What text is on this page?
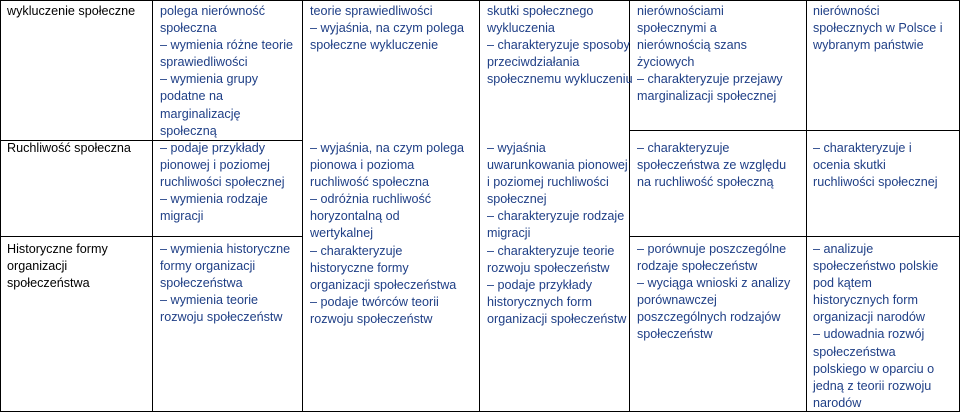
wykluczenie społeczne
Ruchliwość społeczna
Historyczne formy
organizacji
społeczeństwa
polega nierówność
społeczna
– wymienia różne teorie
sprawiedliwości
– wymienia grupy
podatne na
marginalizację
społeczną
– podaje przykłady
pionowej i poziomej
ruchliwości społecznej
– wymienia rodzaje
migracji
– wymienia historyczne
formy organizacji
społeczeństwa
– wymienia teorie
rozwoju społeczeństw
teorie sprawiedliwości
– wyjaśnia, na czym polega
społeczne wykluczenie
– wyjaśnia, na czym polega
pionowa i pozioma
ruchliwość społeczna
– odróżnia ruchliwość
horyzontalną od
wertykalnej
– charakteryzuje
historyczne formy
organizacji społeczeństwa
– podaje twórców teorii
rozwoju społeczeństw
skutki społecznego
wykluczenia
– charakteryzuje sposoby
przeciwdziałania
społecznemu wykluczeniu
– wyjaśnia
uwarunkowania pionowej
i poziomej ruchliwości
społecznej
– charakteryzuje rodzaje
migracji
– charakteryzuje teorie
rozwoju społeczeństw
– podaje przykłady
historycznych form
organizacji społeczeństw
nierównościami
społecznymi a
nierównością szans
życiowych
– charakteryzuje przejawy
marginalizacji społecznej
– charakteryzuje
społeczeństwa ze względu
na ruchliwość społeczną
– porównuje poszczególne
rodzaje społeczeństw
– wyciąga wnioski z analizy
porównawczej
poszczególnych rodzajów
społeczeństw
nierówności
społecznych w Polsce i
wybranym państwie
– charakteryzuje i
ocenia skutki
ruchliwości społecznej
– analizuje
społeczeństwo polskie
pod kątem
historycznych form
organizacji narodów
– udowadnia rozwój
społeczeństwa
polskiego w oparciu o
jedną z teorii rozwoju
narodów
